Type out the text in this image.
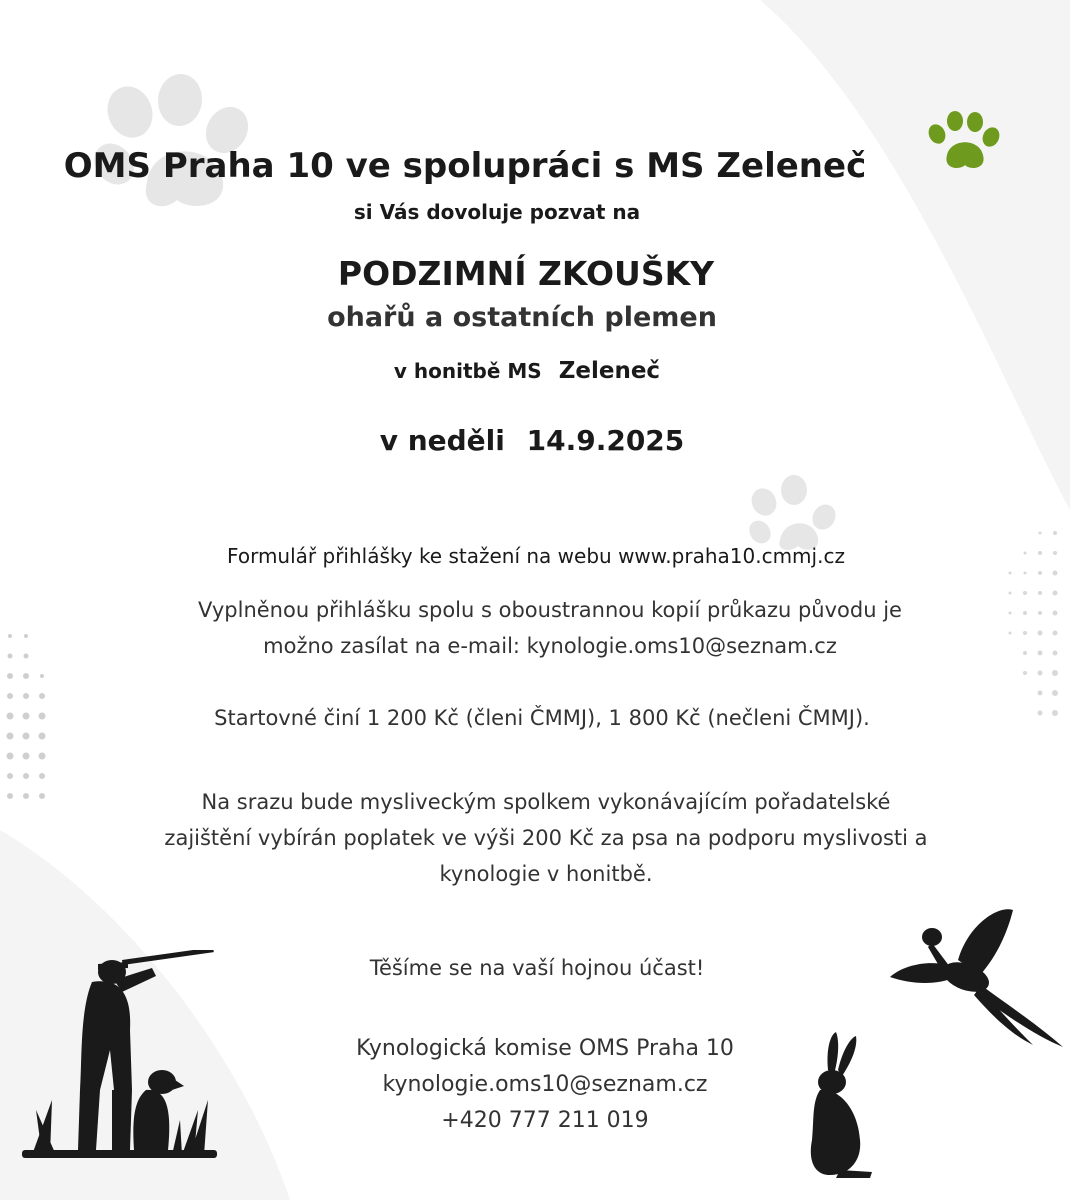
OMS Praha 10 ve spolupráci s MS Zeleneč
si Vás dovoluje pozvat na
PODZIMNÍ ZKOUŠKY
ohařů a ostatních plemen
v honitbě MS Zeleneč
v neděli 14.9.2025
Formulář přihlášky ke stažení na webu www.praha10.cmmj.cz
Vyplněnou přihlášku spolu s oboustrannou kopií průkazu původu je
možno zasílat na e-mail: kynologie.oms10@seznam.cz
Startovné činí 1 200 Kč (členi ČMMJ), 1 800 Kč (nečleni ČMMJ).
Na srazu bude mysliveckým spolkem vykonávajícím pořadatelské
zajištění vybírán poplatek ve výši 200 Kč za psa na podporu myslivosti a
kynologie v honitbě.
Těšíme se na vaší hojnou účast!
Kynologická komise OMS Praha 10
kynologie.oms10@seznam.cz
+420 777 211 019
